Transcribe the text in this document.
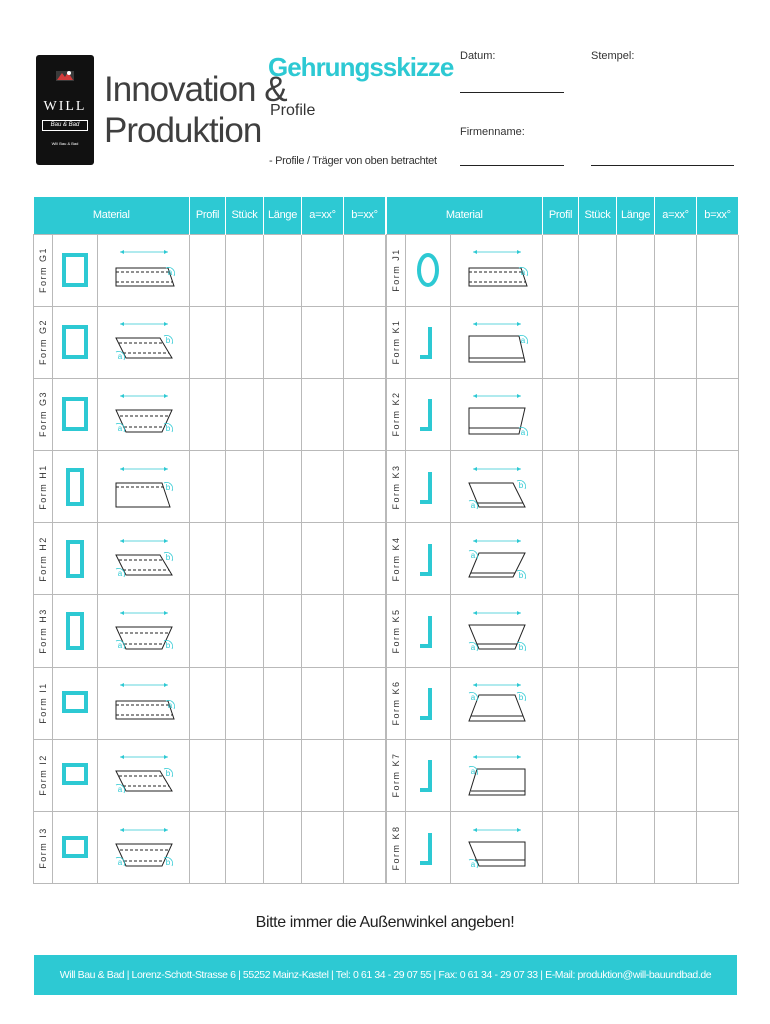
WILL
Bau & Bad
Will Bau & Bad
Innovation &
Produktion
Gehrungsskizze
Profile
- Profile / Träger von oben betrachtet
Datum:	Stempel:
Firmenname:
Material			Profil	Stück	Länge	a=xx°	b=xx°

Form G1		a					

Form G2		a
b					

Form G3		a b					

Form H1		b					

Form H2		a
b					

Form H3		a b					

Form I1		a					

Form I2		a
b					

Form I3		a b					

Material			Profil	Stück	Länge	a=xx°	b=xx°

Form J1		a					

Form K1		a					

Form K2		a					

Form K3		a
b					

Form K4		a
b					

Form K5		a b					

Form K6		a b					

Form K7		a					

Form K8		a					

Bitte immer die Außenwinkel angeben!
Will Bau & Bad | Lorenz-Schott-Strasse 6 | 55252 Mainz-Kastel | Tel: 0 61 34 - 29 07 55 | Fax: 0 61 34 - 29 07 33 | E-Mail: produktion@will-bauundbad.de
